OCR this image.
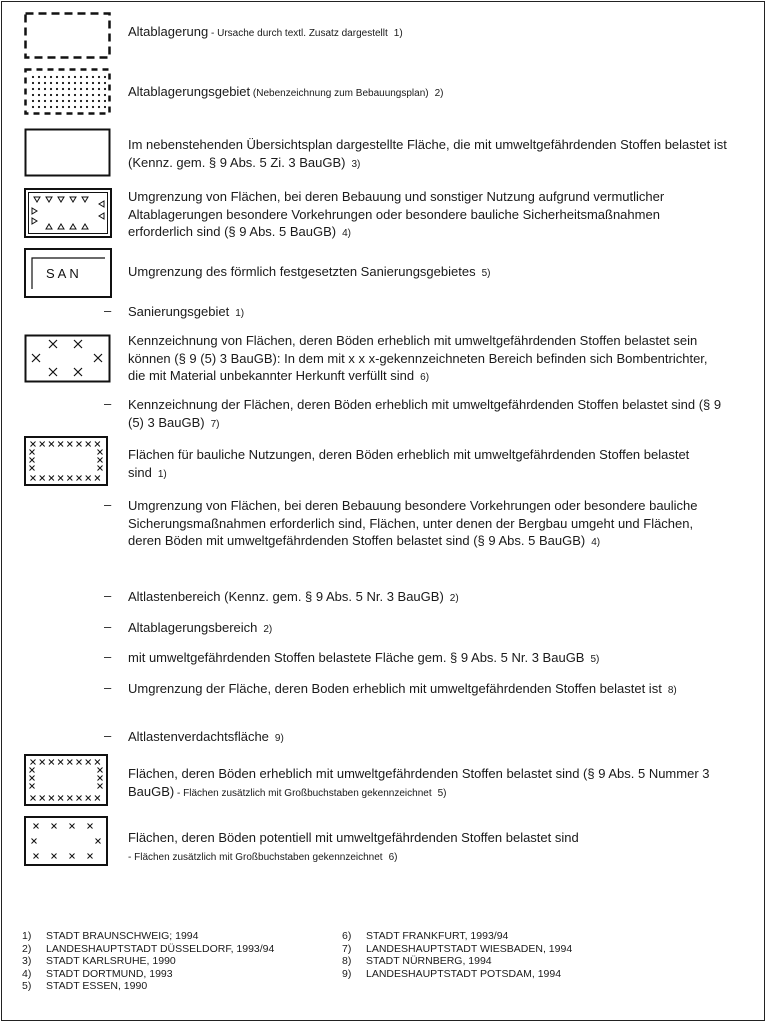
Altablagerung - Ursache durch textl. Zusatz dargestellt 1)
Altablagerungsgebiet (Nebenzeichnung zum Bebauungsplan) 2)
Im nebenstehenden Übersichtsplan dargestellte Fläche, die mit umweltgefährdenden Stoffen belastet ist (Kennz. gem. § 9 Abs. 5 Zi. 3 BauGB) 3)
Umgrenzung von Flächen, bei deren Bebauung und sonstiger Nutzung aufgrund vermutlicher Altablagerungen besondere Vorkehrungen oder besondere bauliche Sicherheitsmaßnahmen erforderlich sind (§ 9 Abs. 5 BauGB) 4)
SAN	Umgrenzung des förmlich festgesetzten Sanierungsgebietes 5)
– Sanierungsgebiet 1)
Kennzeichnung von Flächen, deren Böden erheblich mit umweltgefährdenden Stoffen belastet sein können (§ 9 (5) 3 BauGB): In dem mit x x x-gekennzeichneten Bereich befinden sich Bombentrichter, die mit Material unbekannter Herkunft verfüllt sind 6)
– Kennzeichnung der Flächen, deren Böden erheblich mit umweltgefährdenden Stoffen belastet sind (§ 9 (5) 3 BauGB) 7)
Flächen für bauliche Nutzungen, deren Böden erheblich mit umweltgefährdenden Stoffen belastet sind 1)
– Umgrenzung von Flächen, bei deren Bebauung besondere Vorkehrungen oder besondere bauliche Sicherungsmaßnahmen erforderlich sind, Flächen, unter denen der Bergbau umgeht und Flächen, deren Böden mit umweltgefährdenden Stoffen belastet sind (§ 9 Abs. 5 BauGB) 4)
– Altlastenbereich (Kennz. gem. § 9 Abs. 5 Nr. 3 BauGB) 2)
– Altablagerungsbereich 2)
– mit umweltgefährdenden Stoffen belastete Fläche gem. § 9 Abs. 5 Nr. 3 BauGB 5)
– Umgrenzung der Fläche, deren Boden erheblich mit umweltgefährdenden Stoffen belastet ist 8)
– Altlastenverdachtsfläche 9)
Flächen, deren Böden erheblich mit umweltgefährdenden Stoffen belastet sind (§ 9 Abs. 5 Nummer 3 BauGB) - Flächen zusätzlich mit Großbuchstaben gekennzeichnet 5)
Flächen, deren Böden potentiell mit umweltgefährdenden Stoffen belastet sind
- Flächen zusätzlich mit Großbuchstaben gekennzeichnet 6)
1) STADT BRAUNSCHWEIG; 1994
2) LANDESHAUPTSTADT DÜSSELDORF, 1993/94
3) STADT KARLSRUHE, 1990
4) STADT DORTMUND, 1993
5) STADT ESSEN, 1990
6) STADT FRANKFURT, 1993/94
7) LANDESHAUPTSTADT WIESBADEN, 1994
8) STADT NÜRNBERG, 1994
9) LANDESHAUPTSTADT POTSDAM, 1994
